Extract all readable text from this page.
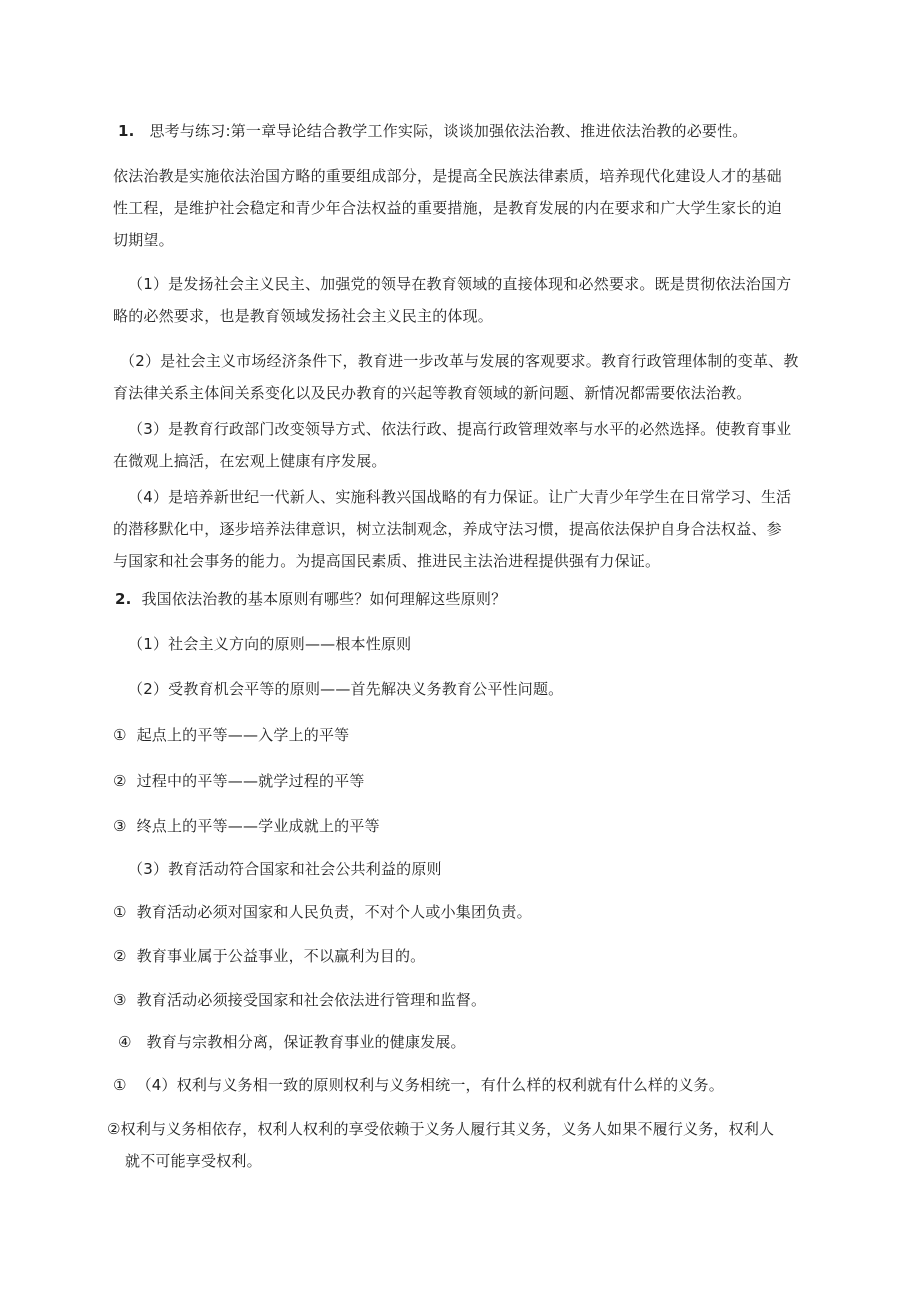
1.   思考与练习:第一章导论结合教学工作实际，谈谈加强依法治教、推进依法治教的必要性。
依法治教是实施依法治国方略的重要组成部分，是提高全民族法律素质，培养现代化建设人才的基础
性工程，是维护社会稳定和青少年合法权益的重要措施，是教育发展的内在要求和广大学生家长的迫
切期望。
（1）是发扬社会主义民主、加强党的领导在教育领域的直接体现和必然要求。既是贯彻依法治国方
略的必然要求，也是教育领域发扬社会主义民主的体现。
（2）是社会主义市场经济条件下，教育进一步改革与发展的客观要求。教育行政管理体制的变革、教
育法律关系主体间关系变化以及民办教育的兴起等教育领域的新问题、新情况都需要依法治教。
（3）是教育行政部门改变领导方式、依法行政、提高行政管理效率与水平的必然选择。使教育事业
在微观上搞活，在宏观上健康有序发展。
（4）是培养新世纪一代新人、实施科教兴国战略的有力保证。让广大青少年学生在日常学习、生活
的潜移默化中，逐步培养法律意识，树立法制观念，养成守法习惯，提高依法保护自身合法权益、参
与国家和社会事务的能力。为提高国民素质、推进民主法治进程提供强有力保证。
2.  我国依法治教的基本原则有哪些？如何理解这些原则？
（1）社会主义方向的原则——根本性原则
（2）受教育机会平等的原则——首先解决义务教育公平性问题。
①  起点上的平等——入学上的平等
②  过程中的平等——就学过程的平等
③  终点上的平等——学业成就上的平等
（3）教育活动符合国家和社会公共利益的原则
①  教育活动必须对国家和人民负责，不对个人或小集团负责。
②  教育事业属于公益事业，不以赢利为目的。
③  教育活动必须接受国家和社会依法进行管理和监督。
④   教育与宗教相分离，保证教育事业的健康发展。
①  （4）权利与义务相一致的原则权利与义务相统一，有什么样的权利就有什么样的义务。
②权利与义务相依存，权利人权利的享受依赖于义务人履行其义务，义务人如果不履行义务，权利人
就不可能享受权利。
